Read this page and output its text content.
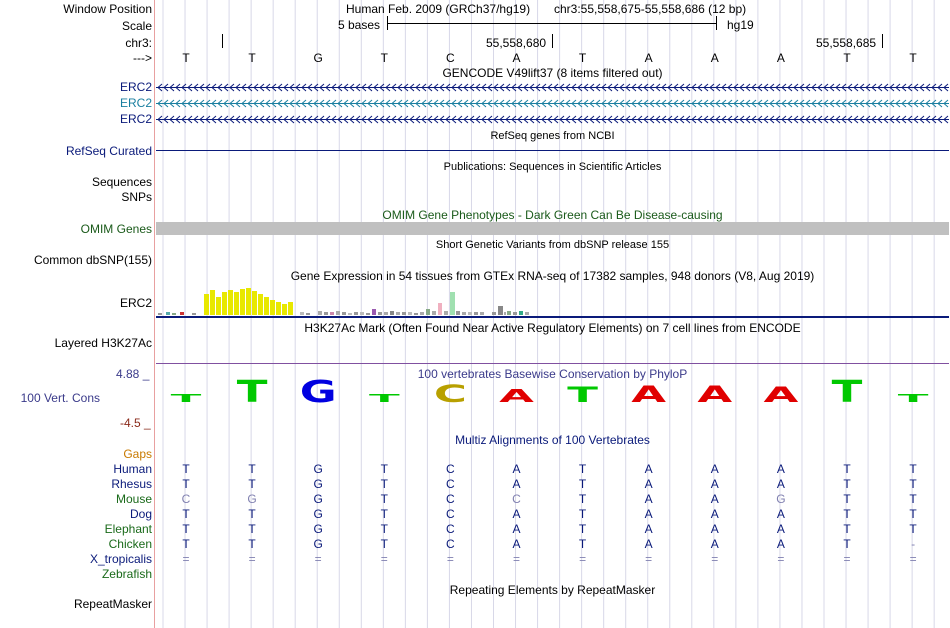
Window Position
Scale
chr3:
--->
Human Feb. 2009 (GRCh37/hg19) chr3:55,558,675-55,558,686 (12 bp)
5 bases	hg19
55,558,680	55,558,685
T	T	G	T	C	A	T	A	A	A	T	T
GENCODE V49lift37 (8 items filtered out)
ERC2
ERC2
ERC2
RefSeq genes from NCBI
RefSeq Curated
Publications: Sequences in Scientific Articles
Sequences
SNPs
OMIM Gene Phenotypes - Dark Green Can Be Disease-causing
OMIM Genes
Short Genetic Variants from dbSNP release 155
Common dbSNP(155)
Gene Expression in 54 tissues from GTEx RNA-seq of 17382 samples, 948 donors (V8, Aug 2019)
ERC2
H3K27Ac Mark (Often Found Near Active Regulatory Elements) on 7 cell lines from ENCODE
Layered H3K27Ac
100 vertebrates Basewise Conservation by PhyloP
4.88 _
100 Vert. Cons
-4.5 _
T T G T C A T A A A T T
Multiz Alignments of 100 Vertebrates
Gaps
Human	T	T	G	T	C	A	T	A	A	A	T	T
Rhesus	T	T	G	T	C	A	T	A	A	A	T	T
Mouse	C	G	G	T	C	C	T	A	A	G	T	T
Dog	T	T	G	T	C	A	T	A	A	A	T	T
Elephant	T	T	G	T	C	A	T	A	A	A	T	T
Chicken	T	T	G	T	C	A	T	A	A	A	T	-
X_tropicalis	=	=	=	=	=	=	=	=	=	=	=	=
Zebrafish
Repeating Elements by RepeatMasker
RepeatMasker
